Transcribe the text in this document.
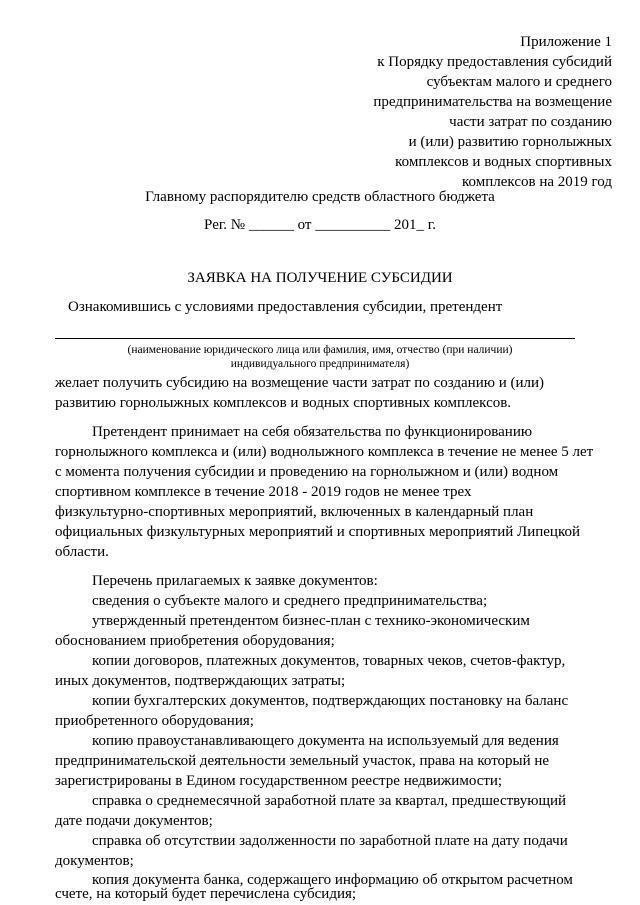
Приложение 1
к Порядку предоставления субсидий
субъектам малого и среднего
предпринимательства на возмещение
части затрат по созданию
и (или) развитию горнолыжных
комплексов и водных спортивных
комплексов на 2019 год
Главному распорядителю средств областного бюджета
Рег. № ______ от __________ 201_ г.
ЗАЯВКА НА ПОЛУЧЕНИЕ СУБСИДИИ
Ознакомившись с условиями предоставления субсидии, претендент
(наименование юридического лица или фамилия, имя, отчество (при наличии)
индивидуального предпринимателя)
желает получить субсидию на возмещение части затрат по созданию и (или)
развитию горнолыжных комплексов и водных спортивных комплексов.
Претендент принимает на себя обязательства по функционированию
горнолыжного комплекса и (или) воднолыжного комплекса в течение не менее 5 лет
с момента получения субсидии и проведению на горнолыжном и (или) водном
спортивном комплексе в течение 2018 - 2019 годов не менее трех
физкультурно-спортивных мероприятий, включенных в календарный план
официальных физкультурных мероприятий и спортивных мероприятий Липецкой
области.
Перечень прилагаемых к заявке документов:
сведения о субъекте малого и среднего предпринимательства;
утвержденный претендентом бизнес-план с технико-экономическим
обоснованием приобретения оборудования;
копии договоров, платежных документов, товарных чеков, счетов-фактур,
иных документов, подтверждающих затраты;
копии бухгалтерских документов, подтверждающих постановку на баланс
приобретенного оборудования;
копию правоустанавливающего документа на используемый для ведения
предпринимательской деятельности земельный участок, права на который не
зарегистрированы в Едином государственном реестре недвижимости;
справка о среднемесячной заработной плате за квартал, предшествующий
дате подачи документов;
справка об отсутствии задолженности по заработной плате на дату подачи
документов;
копия документа банка, содержащего информацию об открытом расчетном
счете, на который будет перечислена субсидия;
